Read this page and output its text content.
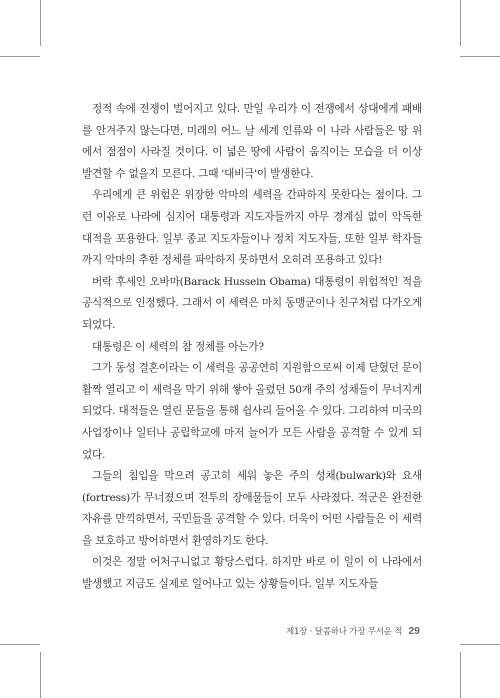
정적 속에 전쟁이 벌어지고 있다. 만일 우리가 이 전쟁에서 상대에게 패배를 안겨주지 않는다면, 미래의 어느 날 세계 인류와 이 나라 사람들은 땅 위에서 점점이 사라질 것이다. 이 넓은 땅에 사람이 움직이는 모습을 더 이상 발견할 수 없을지 모른다. 그때 '대비극'이 발생한다.

우리에게 큰 위험은 위장한 악마의 세력을 간파하지 못한다는 점이다. 그런 이유로 나라에 심지어 대통령과 지도자들까지 아무 경계심 없이 악독한 대적을 포용한다. 일부 종교 지도자들이나 정치 지도자들, 또한 일부 학자들까지 악마의 추한 정체를 파악하지 못하면서 오히려 포용하고 있다!

버락 후세인 오바마(Barack Hussein Obama) 대통령이 위험적인 적을 공식적으로 인정했다. 그래서 이 세력은 마치 동맹군이나 친구처럼 다가오게 되었다.

대통령은 이 세력의 참 정체를 아는가?

그가 동성 결혼이라는 이 세력을 공공연히 지원함으로써 이제 닫혔던 문이 활짝 열리고 이 세력을 막기 위해 쌓아 올렸던 50개 주의 성채들이 무너지게 되었다. 대적들은 열린 문들을 통해 쉽사리 들어올 수 있다. 그리하여 미국의 사업장이나 일터나 공립학교에 마저 늘어가 모든 사람을 공격할 수 있게 되었다.

그들의 침입을 막으려 공고히 세워 놓은 주의 성채(bulwark)와 요새(fortress)가 무너졌으며 전투의 장애물들이 모두 사라졌다. 적군은 완전한 자유를 만끽하면서, 국민들을 공격할 수 있다. 더욱이 어떤 사람들은 이 세력을 보호하고 방어하면서 환영하기도 한다.

이것은 정말 어처구니없고 황당스럽다. 하지만 바로 이 일이 이 나라에서 발생했고 지금도 실제로 일어나고 있는 상황들이다. 일부 지도자들

제1장 · 달콤하나 가장 무서운 적 29
